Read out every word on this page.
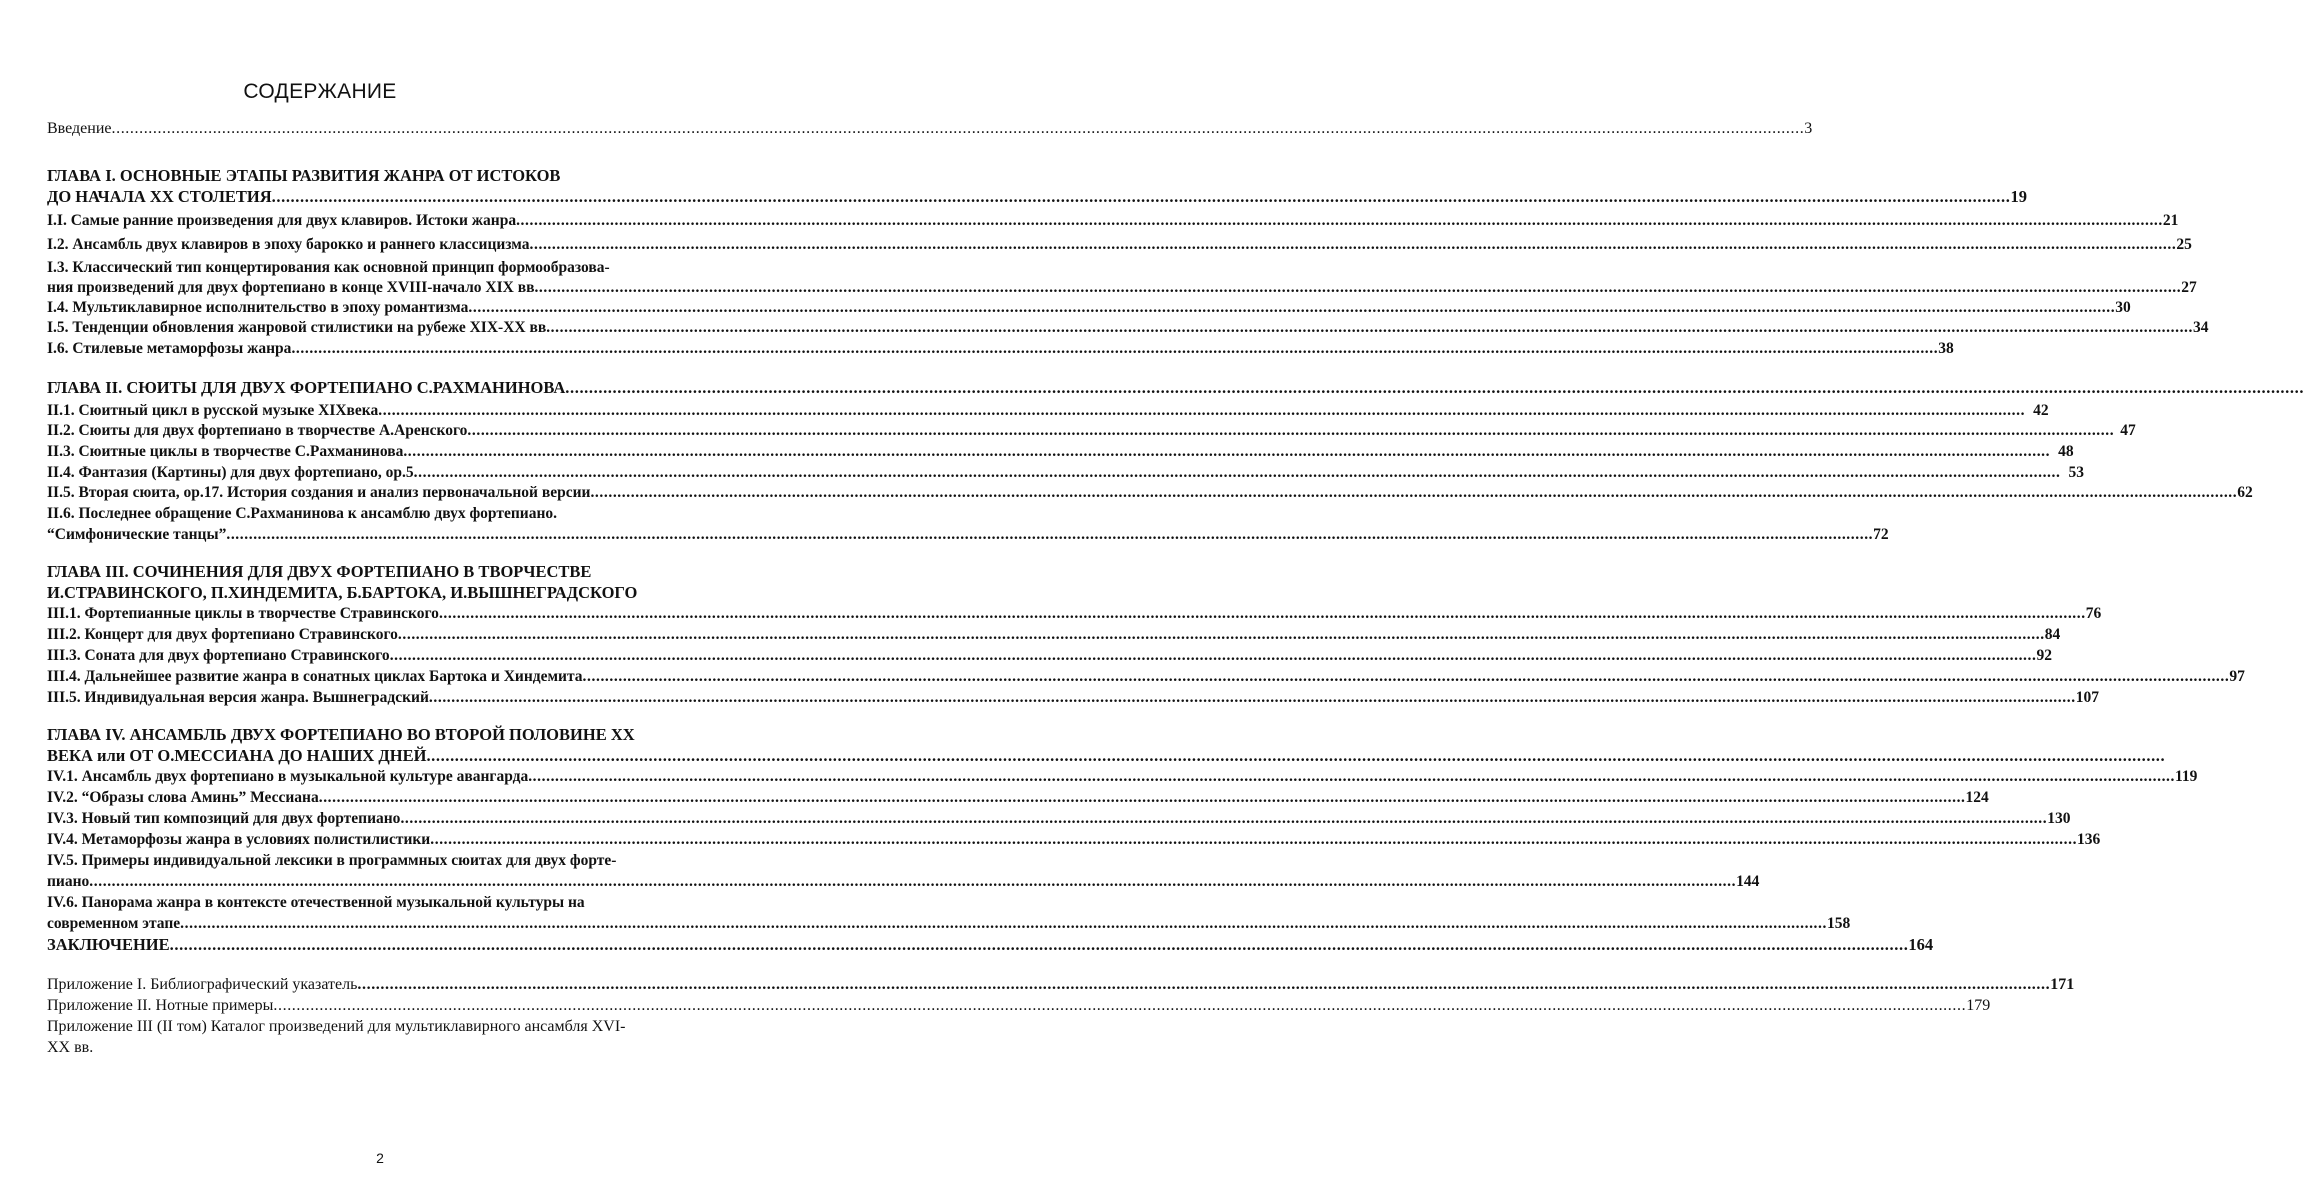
СОДЕРЖАНИЕ
Введение ................................................................................................................................................................................................................................................................................................................................................................................ 3
ГЛАВА I. ОСНОВНЫЕ ЭТАПЫ РАЗВИТИЯ ЖАНРА ОТ ИСТОКОВ
ДО НАЧАЛА XX СТОЛЕТИЯ ................................................................................................................................................................................................................................................................................................................................................................................ 19
I.I. Самые ранние произведения для двух клавиров. Истоки жанра ................................................................................................................................................................................................................................................................................................................................................................................ 21
I.2. Ансамбль двух клавиров в эпоху барокко и раннего классицизма ................................................................................................................................................................................................................................................................................................................................................................................ 25
I.3. Классический тип концертирования как основной принцип формообразова-
ния произведений для двух фортепиано в конце XVIII-начало XIX вв ................................................................................................................................................................................................................................................................................................................................................................................ 27
I.4. Мультиклавирное исполнительство в эпоху романтизма ................................................................................................................................................................................................................................................................................................................................................................................ 30
I.5. Тенденции обновления жанровой стилистики на рубеже XIX-XX вв ................................................................................................................................................................................................................................................................................................................................................................................ 34
I.6. Стилевые метаморфозы жанра ................................................................................................................................................................................................................................................................................................................................................................................ 38
ГЛАВА II. СЮИТЫ ДЛЯ ДВУХ ФОРТЕПИАНО С.РАХМАНИНОВА ................................................................................................................................................................................................................................................................................................................................................................................
II.1. Сюитный цикл в русской музыке XIXвека ................................................................................................................................................................................................................................................................................................................................................................................ 42
II.2. Сюиты для двух фортепиано в творчестве А.Аренского ................................................................................................................................................................................................................................................................................................................................................................................ 47
II.3. Сюитные циклы в творчестве С.Рахманинова ................................................................................................................................................................................................................................................................................................................................................................................ 48
II.4. Фантазия (Картины) для двух фортепиано, ор.5 ................................................................................................................................................................................................................................................................................................................................................................................ 53
II.5. Вторая сюита, ор.17. История создания и анализ первоначальной версии ................................................................................................................................................................................................................................................................................................................................................................................ 62
II.6. Последнее обращение С.Рахманинова к ансамблю двух фортепиано.
“Симфонические танцы” ................................................................................................................................................................................................................................................................................................................................................................................ 72
ГЛАВА III. СОЧИНЕНИЯ ДЛЯ ДВУХ ФОРТЕПИАНО В ТВОРЧЕСТВЕ
И.СТРАВИНСКОГО, П.ХИНДЕМИТА, Б.БАРТОКА, И.ВЫШНЕГРАДСКОГО
III.1. Фортепианные циклы в творчестве Стравинского ................................................................................................................................................................................................................................................................................................................................................................................ 76
III.2. Концерт для двух фортепиано Стравинского ................................................................................................................................................................................................................................................................................................................................................................................ 84
III.3. Соната для двух фортепиано Стравинского ................................................................................................................................................................................................................................................................................................................................................................................ 92
III.4. Дальнейшее развитие жанра в сонатных циклах Бартока и Хиндемита ................................................................................................................................................................................................................................................................................................................................................................................ 97
III.5. Индивидуальная версия жанра. Вышнеградский ................................................................................................................................................................................................................................................................................................................................................................................ 107
ГЛАВА IV. АНСАМБЛЬ ДВУХ ФОРТЕПИАНО ВО ВТОРОЙ ПОЛОВИНЕ XX
ВЕКА или ОТ О.МЕССИАНА ДО НАШИХ ДНЕЙ ................................................................................................................................................................................................................................................................................................................................................................................
IV.1. Ансамбль двух фортепиано в музыкальной культуре авангарда ................................................................................................................................................................................................................................................................................................................................................................................ 119
IV.2. “Образы слова Аминь” Мессиана ................................................................................................................................................................................................................................................................................................................................................................................ 124
IV.3. Новый тип композиций для двух фортепиано ................................................................................................................................................................................................................................................................................................................................................................................ 130
IV.4. Метаморфозы жанра в условиях полистилистики ................................................................................................................................................................................................................................................................................................................................................................................ 136
IV.5. Примеры индивидуальной лексики в программных сюитах для двух форте-
пиано ................................................................................................................................................................................................................................................................................................................................................................................ 144
IV.6. Панорама жанра в контексте отечественной музыкальной культуры на
современном этапе ................................................................................................................................................................................................................................................................................................................................................................................ 158
ЗАКЛЮЧЕНИЕ ................................................................................................................................................................................................................................................................................................................................................................................ 164
Приложение I. Библиографический указатель ................................................................................................................................................................................................................................................................................................................................................................................ 171
Приложение II. Нотные примеры ................................................................................................................................................................................................................................................................................................................................................................................ 179
Приложение III (II том) Каталог произведений для мультиклавирного ансамбля XVI-
XX вв.
2
